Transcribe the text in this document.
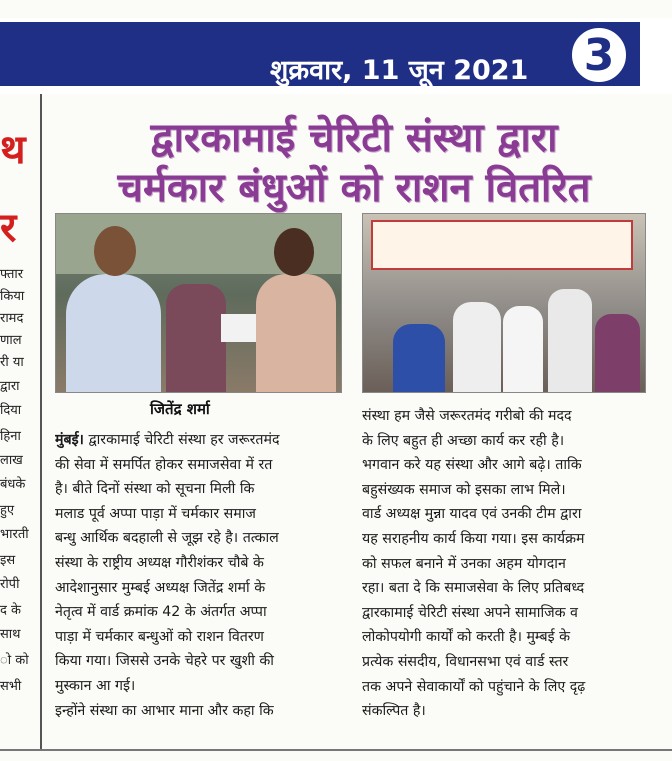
शुक्रवार, 11 जून 2021	3
थ
र
फ्तार
किया
रामद
णाल
री या
द्वारा
दिया
हिना
लाख
बंधके
हुए
भारती
इस
रोपी
द के
साथ
ो को
सभी
द्वारकामाई चेरिटी संस्था द्वारा
चर्मकार बंधुओं को राशन वितरित
जितेंद्र शर्मा
मुंबई। द्वारकामाई चेरिटी संस्था हर जरूरतमंद
की सेवा में समर्पित होकर समाजसेवा में रत
है। बीते दिनों संस्था को सूचना मिली कि
मलाड पूर्व अप्पा पाड़ा में चर्मकार समाज
बन्धु आर्थिक बदहाली से जूझ रहे है। तत्काल
संस्था के राष्ट्रीय अध्यक्ष गौरीशंकर चौबे के
आदेशानुसार मुम्बई अध्यक्ष जितेंद्र शर्मा के
नेतृत्व में वार्ड क्रमांक 42 के अंतर्गत अप्पा
पाड़ा में चर्मकार बन्धुओं को राशन वितरण
किया गया। जिससे उनके चेहरे पर खुशी की
मुस्कान आ गई।
इन्होंने संस्था का आभार माना और कहा कि
संस्था हम जैसे जरूरतमंद गरीबो की मदद
के लिए बहुत ही अच्छा कार्य कर रही है।
भगवान करे यह संस्था और आगे बढ़े। ताकि
बहुसंख्यक समाज को इसका लाभ मिले।
वार्ड अध्यक्ष मुन्ना यादव एवं उनकी टीम द्वारा
यह सराहनीय कार्य किया गया। इस कार्यक्रम
को सफल बनाने में उनका अहम योगदान
रहा। बता दे कि समाजसेवा के लिए प्रतिबध्द
द्वारकामाई चेरिटी संस्था अपने सामाजिक व
लोकोपयोगी कार्यों को करती है। मुम्बई के
प्रत्येक संसदीय, विधानसभा एवं वार्ड स्तर
तक अपने सेवाकार्यों को पहुंचाने के लिए दृढ़
संकल्पित है।
